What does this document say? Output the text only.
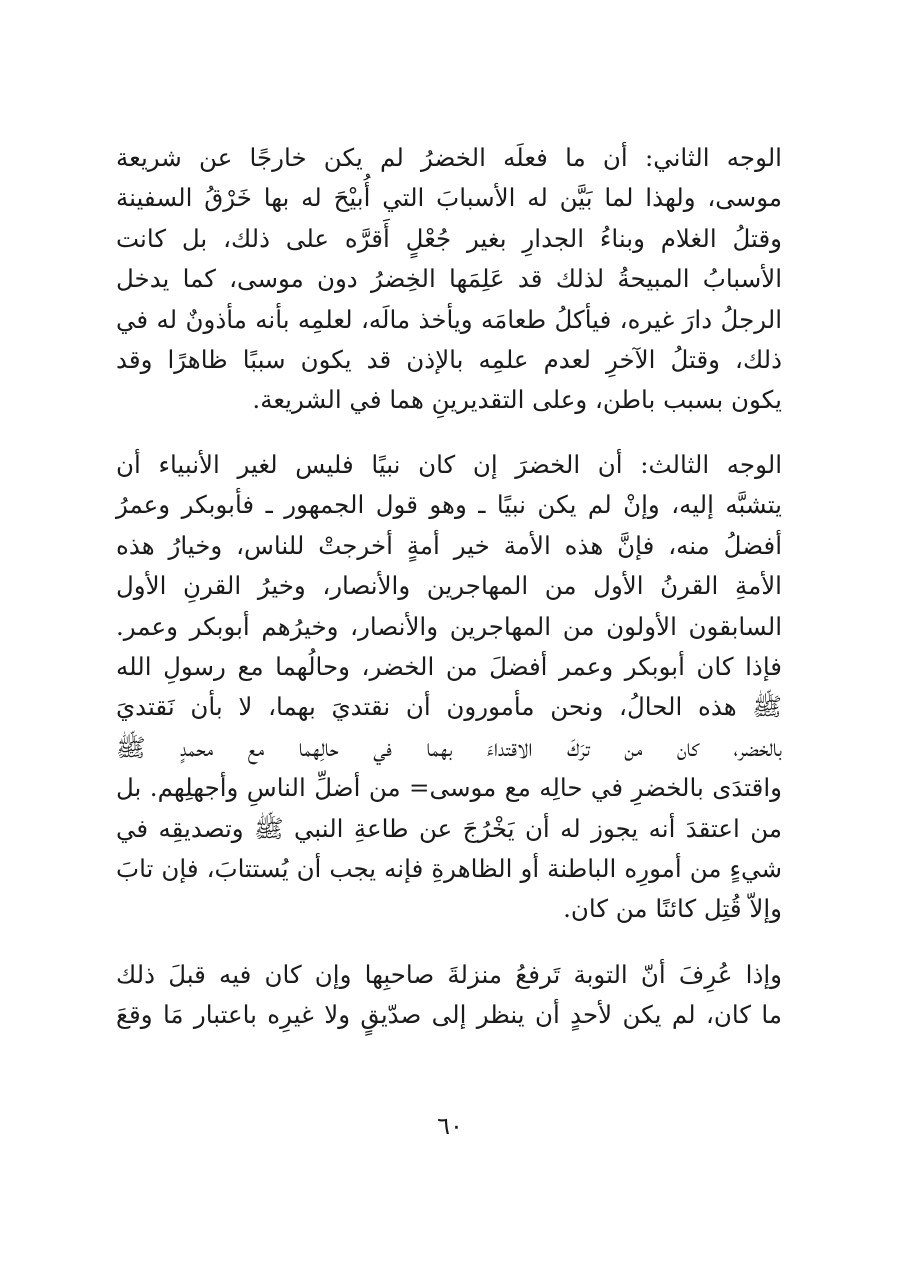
الوجه الثاني: أن ما فعلَه الخضرُ لم يكن خارجًا عن شريعة
موسى، ولهذا لما بَيَّن له الأسبابَ التي أُبيْحَ له بها خَرْقُ السفينة
وقتلُ الغلام وبناءُ الجدارِ بغير جُعْلٍ أَقرَّه على ذلك، بل كانت
الأسبابُ المبيحةُ لذلك قد عَلِمَها الخِضرُ دون موسى، كما يدخل
الرجلُ دارَ غيره، فيأكلُ طعامَه ويأخذ مالَه، لعلمِه بأنه مأذونٌ له في
ذلك، وقتلُ الآخرِ لعدم علمِه بالإذن قد يكون سببًا ظاهرًا وقد
يكون بسبب باطن، وعلى التقديرينِ هما في الشريعة.
الوجه الثالث: أن الخضرَ إن كان نبيًا فليس لغير الأنبياء أن
يتشبَّه إليه، وإنْ لم يكن نبيًا ـ وهو قول الجمهور ـ فأبوبكر وعمرُ
أفضلُ منه، فإنَّ هذه الأمة خير أمةٍ أخرجتْ للناس، وخيارُ هذه
الأمةِ القرنُ الأول من المهاجرين والأنصار، وخيرُ القرنِ الأول
السابقون الأولون من المهاجرين والأنصار، وخيرُهم أبوبكر وعمر.
فإذا كان أبوبكر وعمر أفضلَ من الخضر، وحالُهما مع رسولِ الله
ﷺ هذه الحالُ، ونحن مأمورون أن نقتديَ بهما، لا بأن نَقتديَ
بالخضر، كان من ترَكَ الاقتداءَ بهما في حالِهما مع محمدٍ ﷺ
واقتدَى بالخضرِ في حالِه مع موسى= من أضلِّ الناسِ وأجهلِهم. بل
من اعتقدَ أنه يجوز له أن يَخْرُجَ عن طاعةِ النبي ﷺ وتصديقِه في
شيءٍ من أمورِه الباطنة أو الظاهرةِ فإنه يجب أن يُستتابَ، فإن تابَ
وإلاّ قُتِل كائنًا من كان.
وإذا عُرِفَ أنّ التوبة تَرفعُ منزلةَ صاحبِها وإن كان فيه قبلَ ذلك
ما كان، لم يكن لأحدٍ أن ينظر إلى صدّيقٍ ولا غيرِه باعتبار مَا وقعَ
٦٠
